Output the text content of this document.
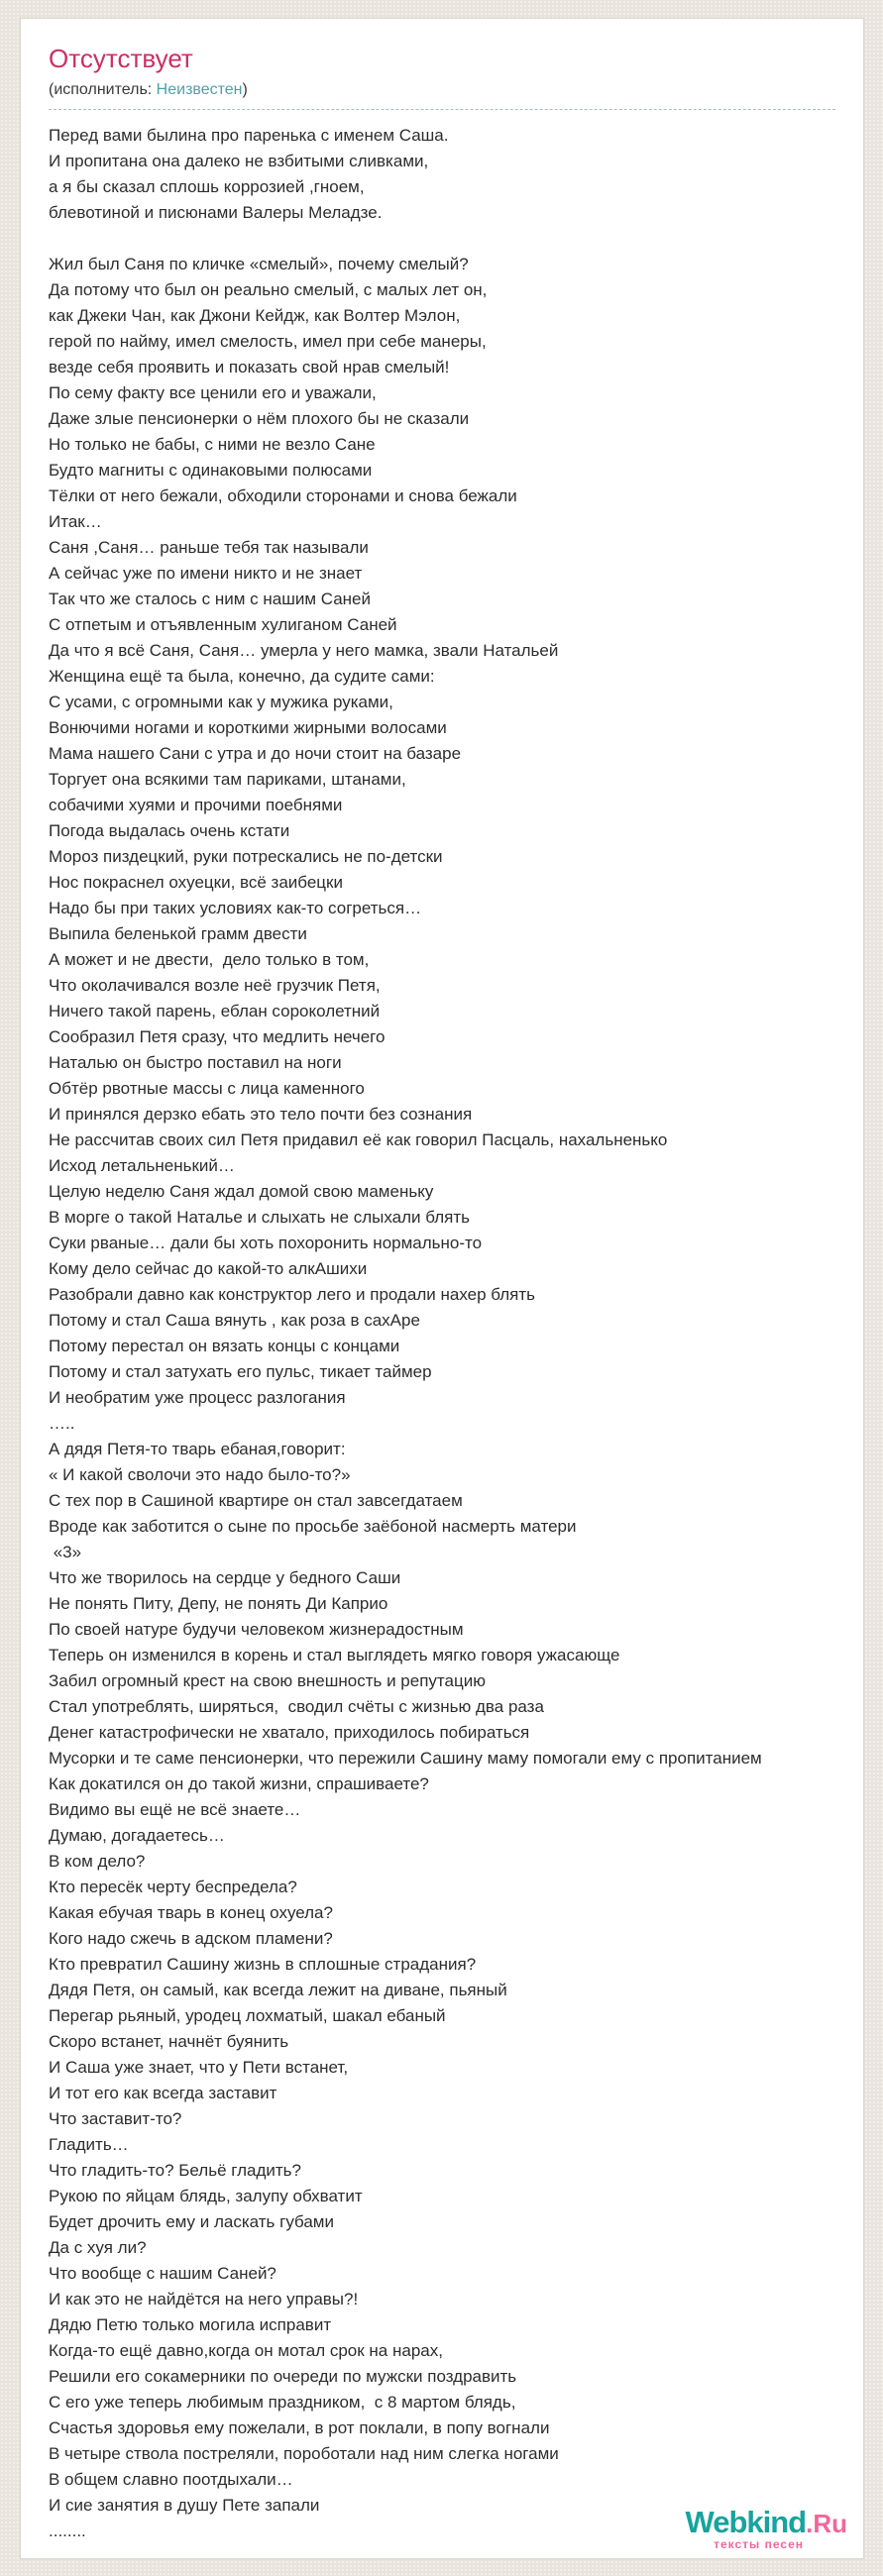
Отсутствует
(исполнитель: Неизвестен)
Перед вами былина про паренька с именем Саша.
И пропитана она далеко не взбитыми сливками,
а я бы сказал сплошь коррозией ,гноем,
блевотиной и писюнами Валеры Меладзе.
Жил был Саня по кличке «смелый», почему смелый?
Да потому что был он реально смелый, с малых лет он,
как Джеки Чан, как Джони Кейдж, как Волтер Мэлон,
герой по найму, имел смелость, имел при себе манеры,
везде себя проявить и показать свой нрав смелый!
По сему факту все ценили его и уважали,
Даже злые пенсионерки о нём плохого бы не сказали
Но только не бабы, с ними не везло Сане
Будто магниты с одинаковыми полюсами
Тёлки от него бежали, обходили сторонами и снова бежали
Итак…
Саня ,Саня… раньше тебя так называли
А сейчас уже по имени никто и не знает
Так что же сталось с ним с нашим Саней
С отпетым и отъявленным хулиганом Саней
Да что я всё Саня, Саня… умерла у него мамка, звали Натальей
Женщина ещё та была, конечно, да судите сами:
С усами, с огромными как у мужика руками,
Вонючими ногами и короткими жирными волосами
Мама нашего Сани с утра и до ночи стоит на базаре
Торгует она всякими там париками, штанами,
собачими хуями и прочими поебнями
Погода выдалась очень кстати
Мороз пиздецкий, руки потрескались не по-детски
Нос покраснел охуецки, всё заибецки
Надо бы при таких условиях как-то согреться…
Выпила беленькой грамм двести
А может и не двести,  дело только в том,
Что околачивался возле неё грузчик Петя,
Ничего такой парень, еблан сороколетний
Сообразил Петя сразу, что медлить нечего
Наталью он быстро поставил на ноги
Обтёр рвотные массы с лица каменного
И принялся дерзко ебать это тело почти без сознания
Не рассчитав своих сил Петя придавил её как говорил Пасцаль, нахальненько
Исход летальненький…
Целую неделю Саня ждал домой свою маменьку
В морге о такой Наталье и слыхать не слыхали блять
Суки рваные… дали бы хоть похоронить нормально-то
Кому дело сейчас до какой-то алкАшихи
Разобрали давно как конструктор лего и продали нахер блять
Потому и стал Саша вянуть , как роза в сахАре
Потому перестал он вязать концы с концами
Потому и стал затухать его пульс, тикает таймер
И необратим уже процесс разлогания
…..
А дядя Петя-то тварь ебаная,говорит:
« И какой сволочи это надо было-то?»
С тех пор в Сашиной квартире он стал завсегдатаем
Вроде как заботится о сыне по просьбе заёбоной насмерть матери
«3»
Что же творилось на сердце у бедного Саши
Не понять Питу, Депу, не понять Ди Каприо
По своей натуре будучи человеком жизнерадостным
Теперь он изменился в корень и стал выглядеть мягко говоря ужасающе
Забил огромный крест на свою внешность и репутацию
Стал употреблять, ширяться,  сводил счёты с жизнью два раза
Денег катастрофически не хватало, приходилось побираться
Мусорки и те саме пенсионерки, что пережили Сашину маму помогали ему с пропитанием
Как докатился он до такой жизни, спрашиваете?
Видимо вы ещё не всё знаете…
Думаю, догадаетесь…
В ком дело?
Кто пересёк черту беспредела?
Какая ебучая тварь в конец охуела?
Кого надо сжечь в адском пламени?
Кто превратил Сашину жизнь в сплошные страдания?
Дядя Петя, он самый, как всегда лежит на диване, пьяный
Перегар рьяный, уродец лохматый, шакал ебаный
Скоро встанет, начнёт буянить
И Саша уже знает, что у Пети встанет,
И тот его как всегда заставит
Что заставит-то?
Гладить…
Что гладить-то? Бельё гладить?
Рукою по яйцам блядь, залупу обхватит
Будет дрочить ему и ласкать губами
Да с хуя ли?
Что вообще с нашим Саней?
И как это не найдётся на него управы?!
Дядю Петю только могила исправит
Когда-то ещё давно,когда он мотал срок на нарах,
Решили его сокамерники по очереди по мужски поздравить
С его уже теперь любимым праздником,  с 8 мартом блядь,
Счастья здоровья ему пожелали, в рот поклали, в попу вогнали
В четыре ствола постреляли, пороботали над ним слегка ногами
В общем славно поотдыхали…
И сие занятия в душу Пете запали
........	Webkind.Ru
тексты песен
